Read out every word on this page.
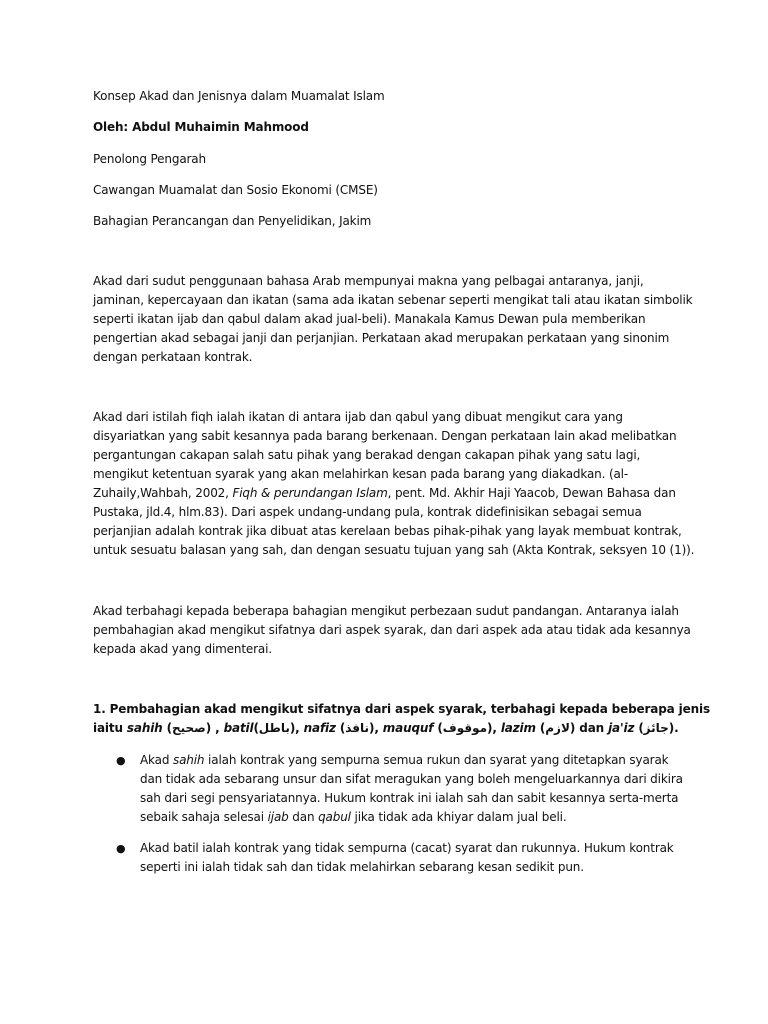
Konsep Akad dan Jenisnya dalam Muamalat Islam

Oleh: Abdul Muhaimin Mahmood

Penolong Pengarah

Cawangan Muamalat dan Sosio Ekonomi (CMSE)

Bahagian Perancangan dan Penyelidikan, Jakim

Akad dari sudut penggunaan bahasa Arab mempunyai makna yang pelbagai antaranya, janji,

jaminan, kepercayaan dan ikatan (sama ada ikatan sebenar seperti mengikat tali atau ikatan simbolik

seperti ikatan ijab dan qabul dalam akad jual-beli). Manakala Kamus Dewan pula memberikan

pengertian akad sebagai janji dan perjanjian. Perkataan akad merupakan perkataan yang sinonim

dengan perkataan kontrak.

Akad dari istilah fiqh ialah ikatan di antara ijab dan qabul yang dibuat mengikut cara yang

disyariatkan yang sabit kesannya pada barang berkenaan. Dengan perkataan lain akad melibatkan

pergantungan cakapan salah satu pihak yang berakad dengan cakapan pihak yang satu lagi,

mengikut ketentuan syarak yang akan melahirkan kesan pada barang yang diakadkan. (al-

Zuhaily,Wahbah, 2002, Fiqh & perundangan Islam, pent. Md. Akhir Haji Yaacob, Dewan Bahasa dan

Pustaka, jld.4, hlm.83). Dari aspek undang-undang pula, kontrak didefinisikan sebagai semua

perjanjian adalah kontrak jika dibuat atas kerelaan bebas pihak-pihak yang layak membuat kontrak,

untuk sesuatu balasan yang sah, dan dengan sesuatu tujuan yang sah (Akta Kontrak, seksyen 10 (1)).

Akad terbahagi kepada beberapa bahagian mengikut perbezaan sudut pandangan. Antaranya ialah

pembahagian akad mengikut sifatnya dari aspek syarak, dan dari aspek ada atau tidak ada kesannya

kepada akad yang dimenterai.

1. Pembahagian akad mengikut sifatnya dari aspek syarak, terbahagi kepada beberapa jenis

iaitu sahih (صحيح) , batil(باطل), nafiz (نافذ), mauquf (موقوف), lazim (لازم) dan ja'iz (جائز).

● Akad sahih ialah kontrak yang sempurna semua rukun dan syarat yang ditetapkan syarak

dan tidak ada sebarang unsur dan sifat meragukan yang boleh mengeluarkannya dari dikira

sah dari segi pensyariatannya. Hukum kontrak ini ialah sah dan sabit kesannya serta-merta

sebaik sahaja selesai ijab dan qabul jika tidak ada khiyar dalam jual beli.

● Akad batil ialah kontrak yang tidak sempurna (cacat) syarat dan rukunnya. Hukum kontrak

seperti ini ialah tidak sah dan tidak melahirkan sebarang kesan sedikit pun.
